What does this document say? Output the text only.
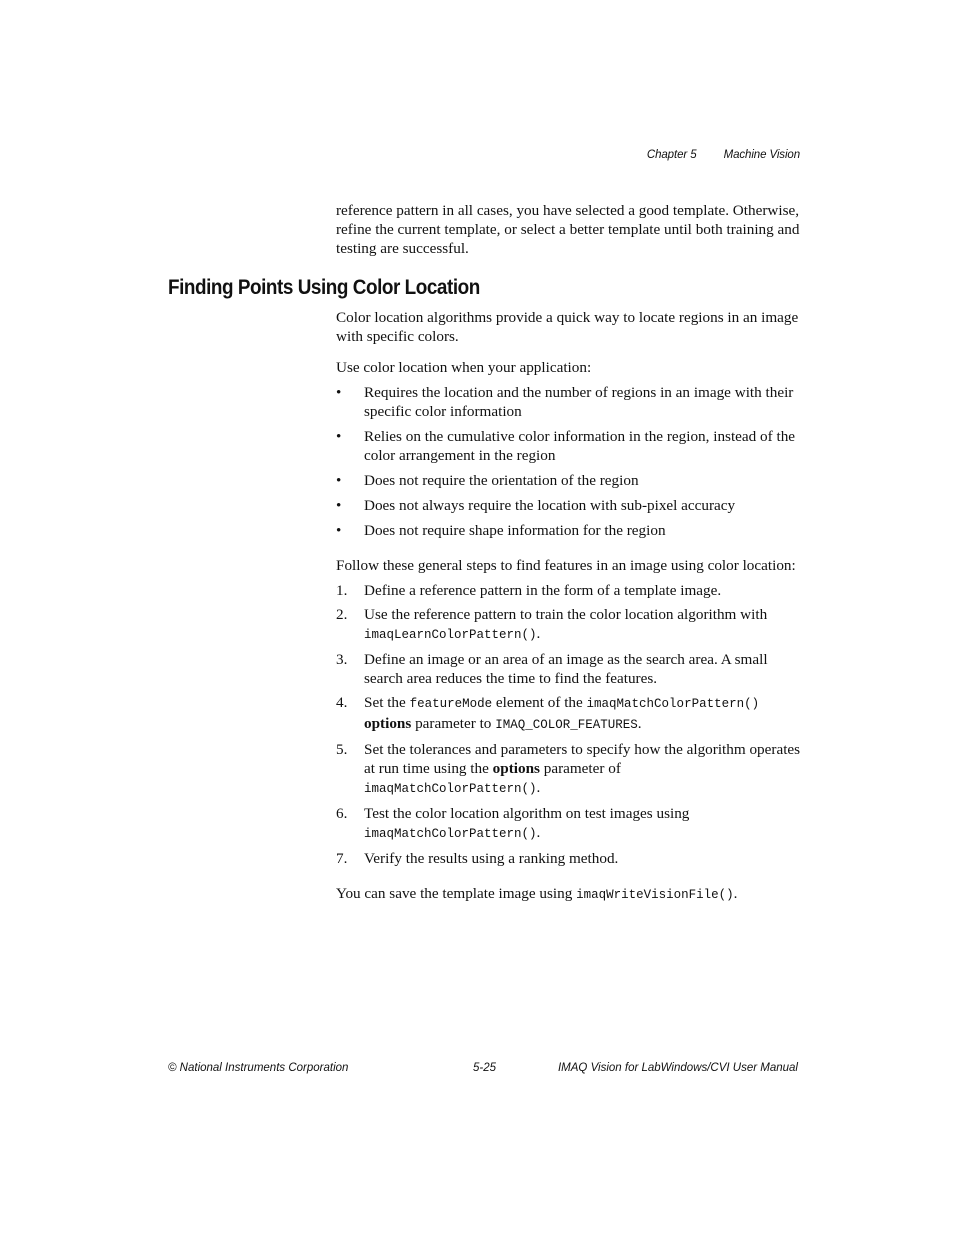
Chapter 5 Machine Vision

reference pattern in all cases, you have selected a good template. Otherwise, refine the current template, or select a better template until both training and testing are successful.

Finding Points Using Color Location

Color location algorithms provide a quick way to locate regions in an image with specific colors.

Use color location when your application:

• Requires the location and the number of regions in an image with their specific color information
• Relies on the cumulative color information in the region, instead of the color arrangement in the region
• Does not require the orientation of the region
• Does not always require the location with sub-pixel accuracy
• Does not require shape information for the region

Follow these general steps to find features in an image using color location:

1. Define a reference pattern in the form of a template image.
2. Use the reference pattern to train the color location algorithm with
imaqLearnColorPattern().
3. Define an image or an area of an image as the search area. A small search area reduces the time to find the features.
4. Set the featureMode element of the imaqMatchColorPattern()
options parameter to IMAQ_COLOR_FEATURES.
5. Set the tolerances and parameters to specify how the algorithm operates at run time using the options parameter of
imaqMatchColorPattern().
6. Test the color location algorithm on test images using
imaqMatchColorPattern().
7. Verify the results using a ranking method.

You can save the template image using imaqWriteVisionFile().

© National Instruments Corporation	5-25	IMAQ Vision for LabWindows/CVI User Manual
